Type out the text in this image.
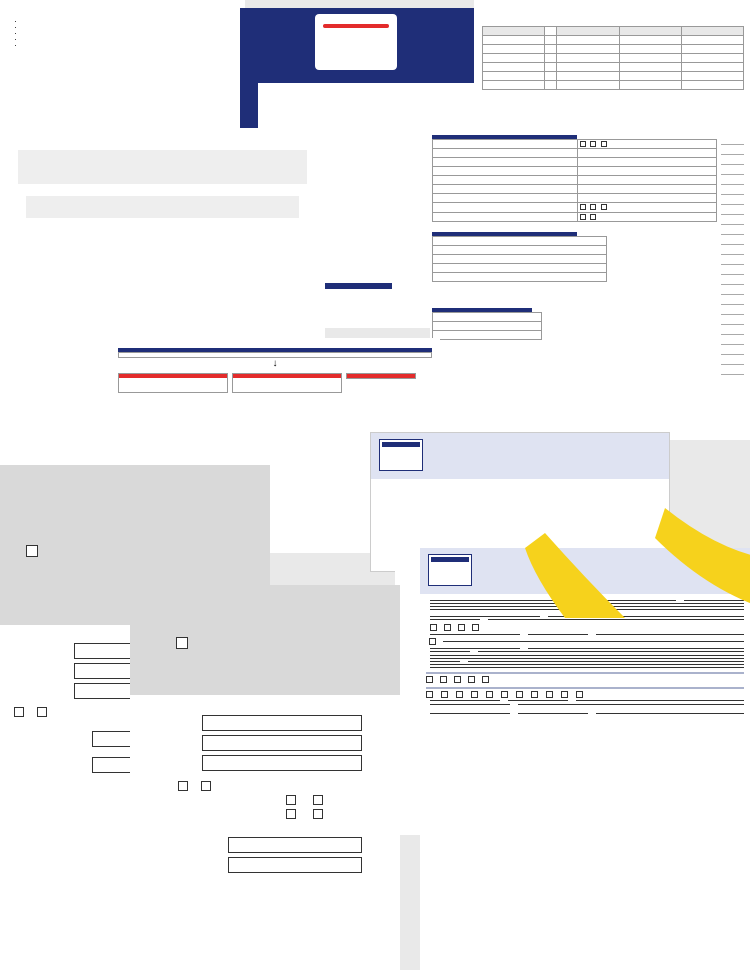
•
•
•
•
•

↓
